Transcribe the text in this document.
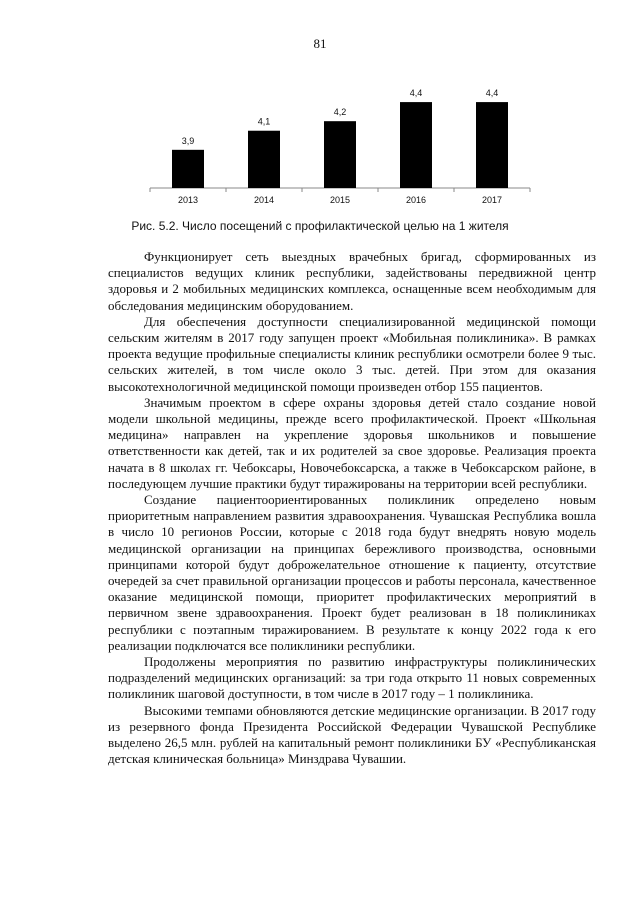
81
3,9
2013
4,1
2014
4,2
2015
4,4
2016
4,4
2017
Рис. 5.2. Число посещений с профилактической целью на 1 жителя

Функционирует сеть выездных врачебных бригад, сформированных из специалистов ведущих клиник республики, задействованы передвижной центр здоровья и 2 мобильных медицинских комплекса, оснащенные всем необходимым для обследования медицинским оборудованием.

Для обеспечения доступности специализированной медицинской помощи сельским жителям в 2017 году запущен проект «Мобильная поликлиника». В рамках проекта ведущие профильные специалисты клиник республики осмотрели более 9 тыс. сельских жителей, в том числе около 3 тыс. детей. При этом для оказания высокотехнологичной медицинской помощи произведен отбор 155 пациентов.

Значимым проектом в сфере охраны здоровья детей стало создание новой модели школьной медицины, прежде всего профилактической. Проект «Школьная медицина» направлен на укрепление здоровья школьников и повышение ответственности как детей, так и их родителей за свое здоровье. Реализация проекта начата в 8 школах гг. Чебоксары, Новочебоксарска, а также в Чебоксарском районе, в последующем лучшие практики будут тиражированы на территории всей республики.

Создание пациентоориентированных поликлиник определено новым приоритетным направлением развития здравоохранения. Чувашская Республика вошла в число 10 регионов России, которые с 2018 года будут внедрять новую модель медицинской организации на принципах бережливого производства, основными принципами которой будут доброжелательное отношение к пациенту, отсутствие очередей за счет правильной организации процессов и работы персонала, качественное оказание медицинской помощи, приоритет профилактических мероприятий в первичном звене здравоохранения. Проект будет реализован в 18 поликлиниках республики с поэтапным тиражированием. В результате к концу 2022 года к его реализации подключатся все поликлиники республики.

Продолжены мероприятия по развитию инфраструктуры поликлинических подразделений медицинских организаций: за три года открыто 11 новых современных поликлиник шаговой доступности, в том числе в 2017 году – 1 поликлиника.

Высокими темпами обновляются детские медицинские организации. В 2017 году из резервного фонда Президента Российской Федерации Чувашской Республике выделено 26,5 млн. рублей на капитальный ремонт поликлиники БУ «Республиканская детская клиническая больница» Минздрава Чувашии.
